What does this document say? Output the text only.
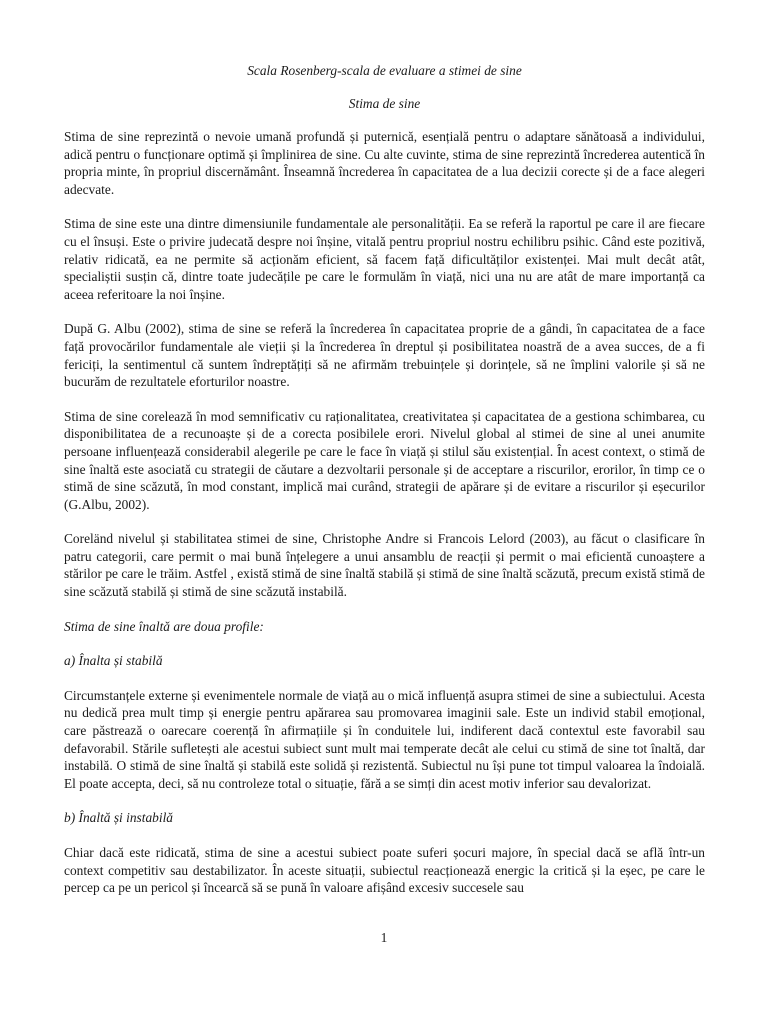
Scala Rosenberg-scala de evaluare a stimei de sine

Stima de sine

Stima de sine reprezintă o nevoie umană profundă și puternică, esențială pentru o adaptare sănătoasă a individului, adică pentru o funcționare optimă și împlinirea de sine. Cu alte cuvinte, stima de sine reprezintă încrederea autentică în propria minte, în propriul discernământ. Înseamnă încrederea în capacitatea de a lua decizii corecte și de a face alegeri adecvate.

Stima de sine este una dintre dimensiunile fundamentale ale personalității. Ea se referă la raportul pe care il are fiecare cu el însuși. Este o privire judecată despre noi înșine, vitală pentru propriul nostru echilibru psihic. Când este pozitivă, relativ ridicată, ea ne permite să acționăm eficient, să facem față dificultăților existenței. Mai mult decât atât, specialiștii susțin că, dintre toate judecățile pe care le formulăm în viață, nici una nu are atât de mare importanță ca aceea referitoare la noi înșine.

După G. Albu (2002), stima de sine se referă la încrederea în capacitatea proprie de a gândi, în capacitatea de a face față provocărilor fundamentale ale vieții și la încrederea în dreptul și posibilitatea noastră de a avea succes, de a fi fericiți, la sentimentul că suntem îndreptățiți să ne afirmăm trebuințele și dorințele, să ne împlini valorile și să ne bucurăm de rezultatele eforturilor noastre.

Stima de sine corelează în mod semnificativ cu raționalitatea, creativitatea și capacitatea de a gestiona schimbarea, cu disponibilitatea de a recunoaște și de a corecta posibilele erori. Nivelul global al stimei de sine al unei anumite persoane influențează considerabil alegerile pe care le face în viață și stilul său existențial. În acest context, o stimă de sine înaltă este asociată cu strategii de căutare a dezvoltarii personale și de acceptare a riscurilor, erorilor, în timp ce o stimă de sine scăzută, în mod constant, implică mai curând, strategii de apărare și de evitare a riscurilor și eșecurilor (G.Albu, 2002).

Coreländ nivelul și stabilitatea stimei de sine, Christophe Andre si Francois Lelord (2003), au făcut o clasificare în patru categorii, care permit o mai bună înțelegere a unui ansamblu de reacții și permit o mai eficientă cunoaștere a stărilor pe care le trăim. Astfel , există stimă de sine înaltă stabilă și stimă de sine înaltă scăzută, precum există stimă de sine scăzută stabilă și stimă de sine scăzută instabilă.

Stima de sine înaltă are doua profile:

a) Înalta și stabilă

Circumstanțele externe și evenimentele normale de viață au o mică influență asupra stimei de sine a subiectului. Acesta nu dedică prea mult timp și energie pentru apărarea sau promovarea imaginii sale. Este un individ stabil emoțional, care păstrează o oarecare coerență în afirmațiile și în conduitele lui, indiferent dacă contextul este favorabil sau defavorabil. Stările sufletești ale acestui subiect sunt mult mai temperate decât ale celui cu stimă de sine tot înaltă, dar instabilă. O stimă de sine înaltă și stabilă este solidă și rezistentă. Subiectul nu își pune tot timpul valoarea la îndoială. El poate accepta, deci, să nu controleze total o situație, fără a se simți din acest motiv inferior sau devalorizat.

b) Înaltă și instabilă

Chiar dacă este ridicată, stima de sine a acestui subiect poate suferi șocuri majore, în special dacă se află într-un context competitiv sau destabilizator. În aceste situații, subiectul reacționează energic la critică și la eșec, pe care le percep ca pe un pericol și încearcă să se pună în valoare afișând excesiv succesele sau

1
